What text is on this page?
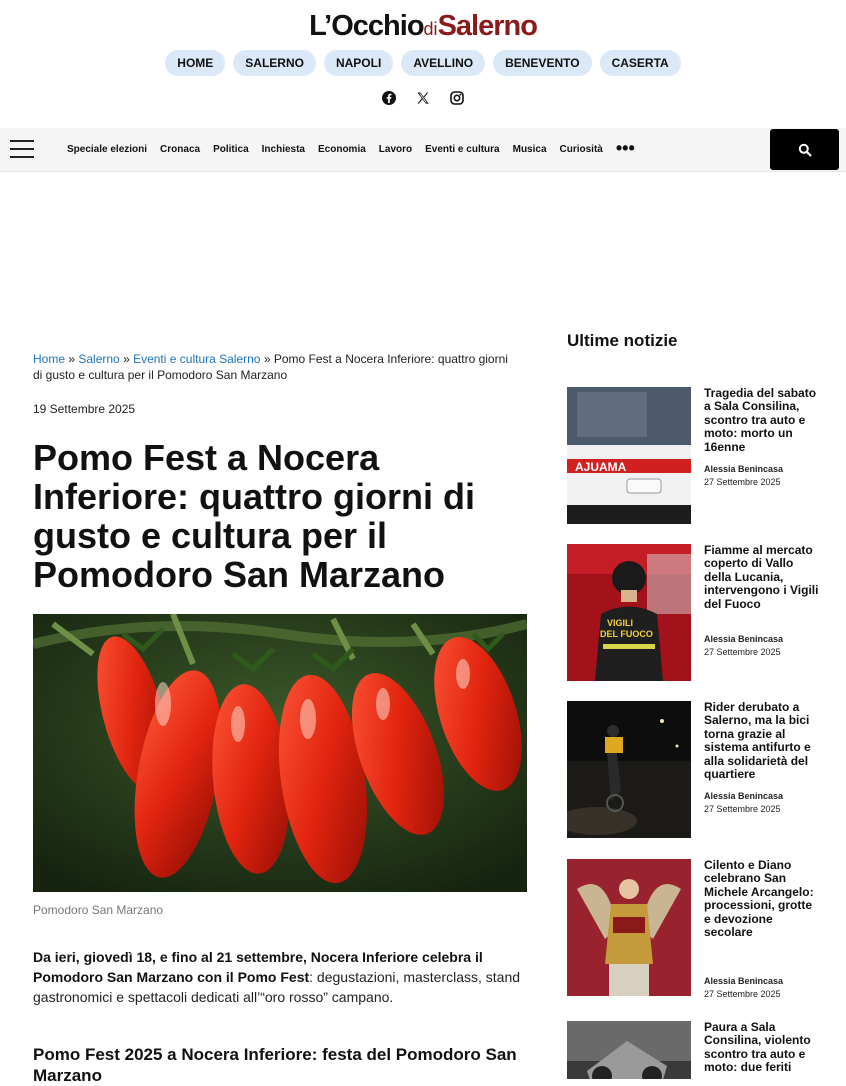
L’OcchiodiSalerno
HOME	SALERNO	NAPOLI	AVELLINO	BENEVENTO	CASERTA
Speciale elezioni Cronaca Politica Inchiesta Economia Lavoro Eventi e cultura Musica Curiosità •••
Home » Salerno » Eventi e cultura Salerno » Pomo Fest a Nocera Inferiore: quattro giorni di gusto e cultura per il Pomodoro San Marzano
19 Settembre 2025
Pomo Fest a Nocera Inferiore: quattro giorni di gusto e cultura per il Pomodoro San Marzano
Pomodoro San Marzano

Da ieri, giovedì 18, e fino al 21 settembre, Nocera Inferiore celebra il Pomodoro San Marzano con il Pomo Fest: degustazioni, masterclass, stand gastronomici e spettacoli dedicati all’“oro rosso” campano.

Pomo Fest 2025 a Nocera Inferiore: festa del Pomodoro San Marzano
Ultime notizie
AJUAMA
Tragedia del sabato a Sala Consilina, scontro tra auto e moto: morto un 16enne
Alessia Benincasa
27 Settembre 2025
VIGILI
DEL FUOCO
Fiamme al mercato coperto di Vallo della Lucania, intervengono i Vigili del Fuoco
Alessia Benincasa
27 Settembre 2025
Rider derubato a Salerno, ma la bici torna grazie al sistema antifurto e alla solidarietà del quartiere
Alessia Benincasa
27 Settembre 2025
Cilento e Diano celebrano San Michele Arcangelo: processioni, grotte e devozione secolare
Alessia Benincasa
27 Settembre 2025
Paura a Sala Consilina, violento scontro tra auto e moto: due feriti
